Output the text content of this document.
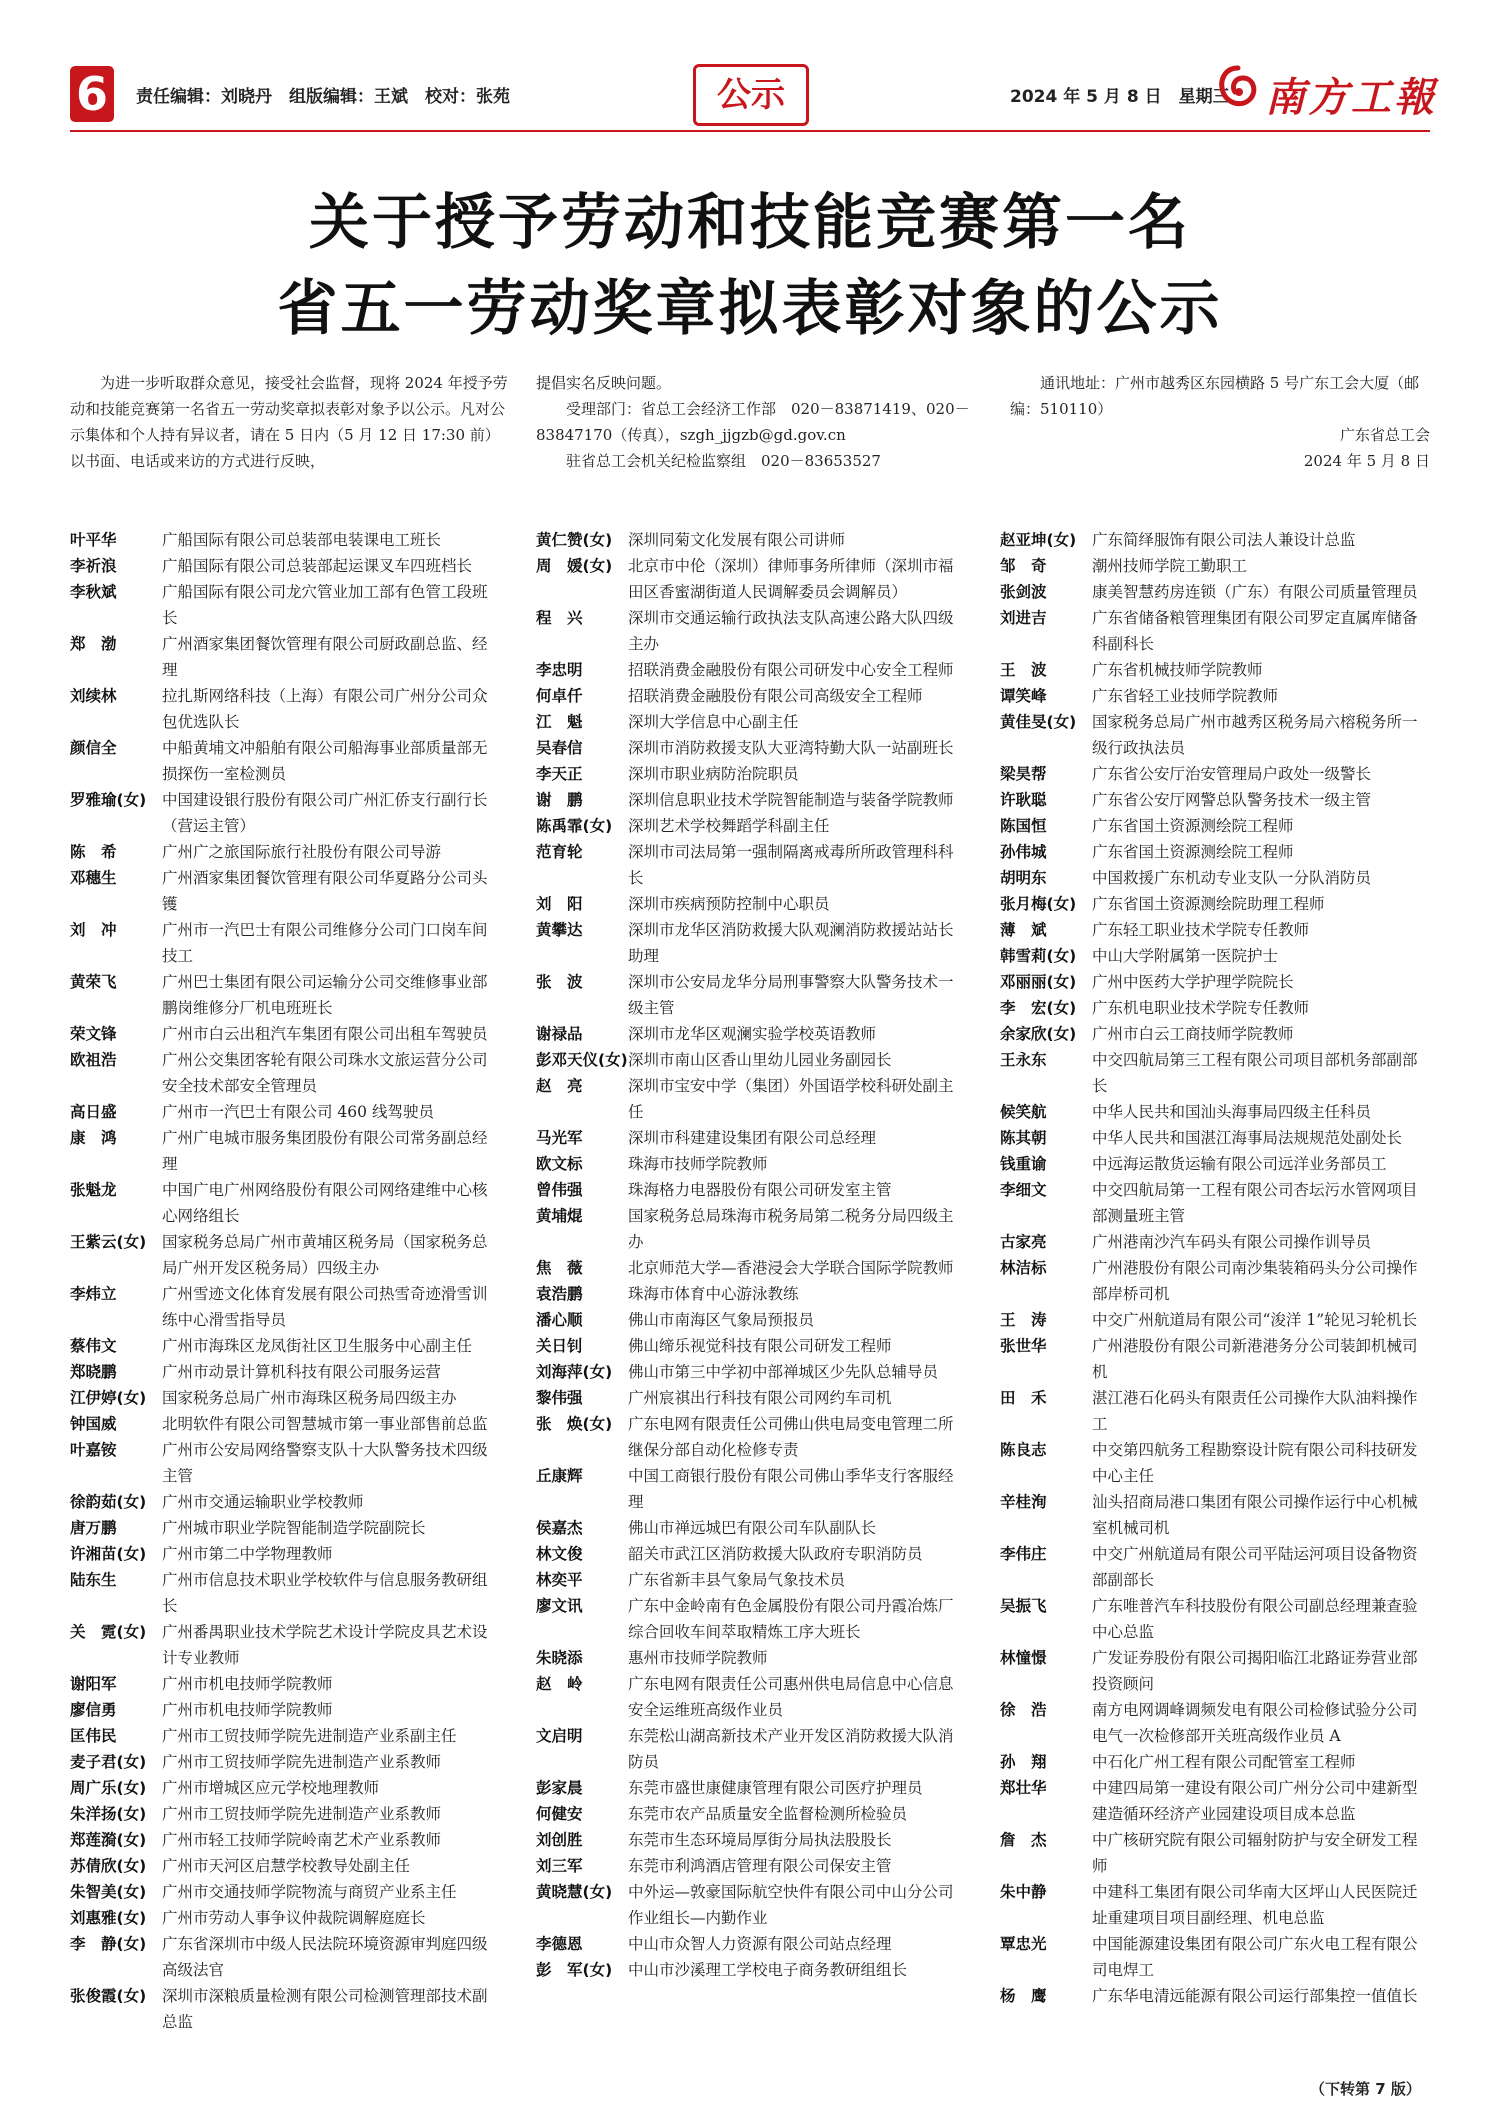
6	责任编辑：刘晓丹　组版编辑：王斌　校对：张苑	公示	2024 年 5 月 8 日　星期三 南方工報
关于授予劳动和技能竞赛第一名
省五一劳动奖章拟表彰对象的公示
为进一步听取群众意见，接受社会监督，现将 2024 年授予劳动和技能竞赛第一名省五一劳动奖章拟表彰对象予以公示。凡对公示集体和个人持有异议者，请在 5 日内（5 月 12 日 17:30 前）以书面、电话或来访的方式进行反映，
提倡实名反映问题。
受理部门：省总工会经济工作部　020－83871419、020－83847170（传真），szgh_jjgzb@gd.gov.cn
驻省总工会机关纪检监察组　020－83653527
通讯地址：广州市越秀区东园横路 5 号广东工会大厦（邮编：510110）
广东省总工会
2024 年 5 月 8 日
叶平华	广船国际有限公司总装部电装课电工班长
李祈浪	广船国际有限公司总装部起运课叉车四班档长
李秋斌	广船国际有限公司龙穴管业加工部有色管工段班长
郑　渤	广州酒家集团餐饮管理有限公司厨政副总监、经理
刘续林	拉扎斯网络科技（上海）有限公司广州分公司众包优选队长
颜信全	中船黄埔文冲船舶有限公司船海事业部质量部无损探伤一室检测员
罗雅瑜(女)	中国建设银行股份有限公司广州汇侨支行副行长（营运主管）
陈　希	广州广之旅国际旅行社股份有限公司导游
邓穗生	广州酒家集团餐饮管理有限公司华夏路分公司头镬
刘　冲	广州市一汽巴士有限公司维修分公司门口岗车间技工
黄荣飞	广州巴士集团有限公司运输分公司交维修事业部鹏岗维修分厂机电班班长
荣文锋	广州市白云出租汽车集团有限公司出租车驾驶员
欧祖浩	广州公交集团客轮有限公司珠水文旅运营分公司安全技术部安全管理员
高日盛	广州市一汽巴士有限公司 460 线驾驶员
康　鸿	广州广电城市服务集团股份有限公司常务副总经理
张魁龙	中国广电广州网络股份有限公司网络建维中心核心网络组长
王紫云(女)	国家税务总局广州市黄埔区税务局（国家税务总局广州开发区税务局）四级主办
李炜立	广州雪迹文化体育发展有限公司热雪奇迹滑雪训练中心滑雪指导员
蔡伟文	广州市海珠区龙凤街社区卫生服务中心副主任
郑晓鹏	广州市动景计算机科技有限公司服务运营
江伊婷(女)	国家税务总局广州市海珠区税务局四级主办
钟国威	北明软件有限公司智慧城市第一事业部售前总监
叶嘉铵	广州市公安局网络警察支队十大队警务技术四级主管
徐韵茹(女)	广州市交通运输职业学校教师
唐万鹏	广州城市职业学院智能制造学院副院长
许湘苗(女)	广州市第二中学物理教师
陆东生	广州市信息技术职业学校软件与信息服务教研组长
关　霓(女)	广州番禺职业技术学院艺术设计学院皮具艺术设计专业教师
谢阳军	广州市机电技师学院教师
廖信勇	广州市机电技师学院教师
匡伟民	广州市工贸技师学院先进制造产业系副主任
麦子君(女)	广州市工贸技师学院先进制造产业系教师
周广乐(女)	广州市增城区应元学校地理教师
朱洋扬(女)	广州市工贸技师学院先进制造产业系教师
郑莲漪(女)	广州市轻工技师学院岭南艺术产业系教师
苏倩欣(女)	广州市天河区启慧学校教导处副主任
朱智美(女)	广州市交通技师学院物流与商贸产业系主任
刘惠雅(女)	广州市劳动人事争议仲裁院调解庭庭长
李　静(女)	广东省深圳市中级人民法院环境资源审判庭四级高级法官
张俊霞(女)	深圳市深粮质量检测有限公司检测管理部技术副总监
黄仁赞(女)	深圳同菊文化发展有限公司讲师
周　媛(女)	北京市中伦（深圳）律师事务所律师（深圳市福田区香蜜湖街道人民调解委员会调解员）
程　兴	深圳市交通运输行政执法支队高速公路大队四级主办
李忠明	招联消费金融股份有限公司研发中心安全工程师
何卓仟	招联消费金融股份有限公司高级安全工程师
江　魁	深圳大学信息中心副主任
吴春信	深圳市消防救援支队大亚湾特勤大队一站副班长
李天正	深圳市职业病防治院职员
谢　鹏	深圳信息职业技术学院智能制造与装备学院教师
陈禹霏(女)	深圳艺术学校舞蹈学科副主任
范育轮	深圳市司法局第一强制隔离戒毒所所政管理科科长
刘　阳	深圳市疾病预防控制中心职员
黄攀达	深圳市龙华区消防救援大队观澜消防救援站站长助理
张　波	深圳市公安局龙华分局刑事警察大队警务技术一级主管
谢禄品	深圳市龙华区观澜实验学校英语教师
彭邓天仪(女) 深圳市南山区香山里幼儿园业务副园长
赵　亮	深圳市宝安中学（集团）外国语学校科研处副主任
马光军	深圳市科建建设集团有限公司总经理
欧文标	珠海市技师学院教师
曾伟强	珠海格力电器股份有限公司研发室主管
黄埔焜	国家税务总局珠海市税务局第二税务分局四级主办
焦　薇	北京师范大学—香港浸会大学联合国际学院教师
袁浩鹏	珠海市体育中心游泳教练
潘心顺	佛山市南海区气象局预报员
关日钊	佛山缔乐视觉科技有限公司研发工程师
刘海萍(女)	佛山市第三中学初中部禅城区少先队总辅导员
黎伟强	广州宸祺出行科技有限公司网约车司机
张　焕(女)	广东电网有限责任公司佛山供电局变电管理二所继保分部自动化检修专责
丘康辉	中国工商银行股份有限公司佛山季华支行客服经理
侯嘉杰	佛山市禅远城巴有限公司车队副队长
林文俊	韶关市武江区消防救援大队政府专职消防员
林奕平	广东省新丰县气象局气象技术员
廖文讯	广东中金岭南有色金属股份有限公司丹霞冶炼厂综合回收车间萃取精炼工序大班长
朱晓添	惠州市技师学院教师
赵　岭	广东电网有限责任公司惠州供电局信息中心信息安全运维班高级作业员
文启明	东莞松山湖高新技术产业开发区消防救援大队消防员
彭家晨	东莞市盛世康健康管理有限公司医疗护理员
何健安	东莞市农产品质量安全监督检测所检验员
刘创胜	东莞市生态环境局厚街分局执法股股长
刘三军	东莞市利鸿酒店管理有限公司保安主管
黄晓慧(女)	中外运—敦豪国际航空快件有限公司中山分公司作业组长—内勤作业
李德恩	中山市众智人力资源有限公司站点经理
彭　军(女)	中山市沙溪理工学校电子商务教研组组长
赵亚坤(女)	广东简绎服饰有限公司法人兼设计总监
邹　奇	潮州技师学院工勤职工
张剑波	康美智慧药房连锁（广东）有限公司质量管理员
刘进吉	广东省储备粮管理集团有限公司罗定直属库储备科副科长
王　波	广东省机械技师学院教师
谭笑峰	广东省轻工业技师学院教师
黄佳旻(女)	国家税务总局广州市越秀区税务局六榕税务所一级行政执法员
梁昊帮	广东省公安厅治安管理局户政处一级警长
许耿聪	广东省公安厅网警总队警务技术一级主管
陈国恒	广东省国土资源测绘院工程师
孙伟城	广东省国土资源测绘院工程师
胡明东	中国救援广东机动专业支队一分队消防员
张月梅(女)	广东省国土资源测绘院助理工程师
薄　斌	广东轻工职业技术学院专任教师
韩雪莉(女)	中山大学附属第一医院护士
邓丽丽(女)	广州中医药大学护理学院院长
李　宏(女)	广东机电职业技术学院专任教师
余家欣(女)	广州市白云工商技师学院教师
王永东	中交四航局第三工程有限公司项目部机务部副部长
候笑航	中华人民共和国汕头海事局四级主任科员
陈其朝	中华人民共和国湛江海事局法规规范处副处长
钱重谕	中远海运散货运输有限公司远洋业务部员工
李细文	中交四航局第一工程有限公司杏坛污水管网项目部测量班主管
古家亮	广州港南沙汽车码头有限公司操作训导员
林洁标	广州港股份有限公司南沙集装箱码头分公司操作部岸桥司机
王　涛	中交广州航道局有限公司“浚洋 1”轮见习轮机长
张世华	广州港股份有限公司新港港务分公司装卸机械司机
田　禾	湛江港石化码头有限责任公司操作大队油料操作工
陈良志	中交第四航务工程勘察设计院有限公司科技研发中心主任
辛桂洵	汕头招商局港口集团有限公司操作运行中心机械室机械司机
李伟庄	中交广州航道局有限公司平陆运河项目设备物资部副部长
吴振飞	广东唯普汽车科技股份有限公司副总经理兼查验中心总监
林憧憬	广发证券股份有限公司揭阳临江北路证券营业部投资顾问
徐　浩	南方电网调峰调频发电有限公司检修试验分公司电气一次检修部开关班高级作业员 A
孙　翔	中石化广州工程有限公司配管室工程师
郑壮华	中建四局第一建设有限公司广州分公司中建新型建造循环经济产业园建设项目成本总监
詹　杰	中广核研究院有限公司辐射防护与安全研发工程师
朱中静	中建科工集团有限公司华南大区坪山人民医院迁址重建项目项目副经理、机电总监
覃忠光	中国能源建设集团有限公司广东火电工程有限公司电焊工
杨　鹰	广东华电清远能源有限公司运行部集控一值值长
（下转第 7 版）
